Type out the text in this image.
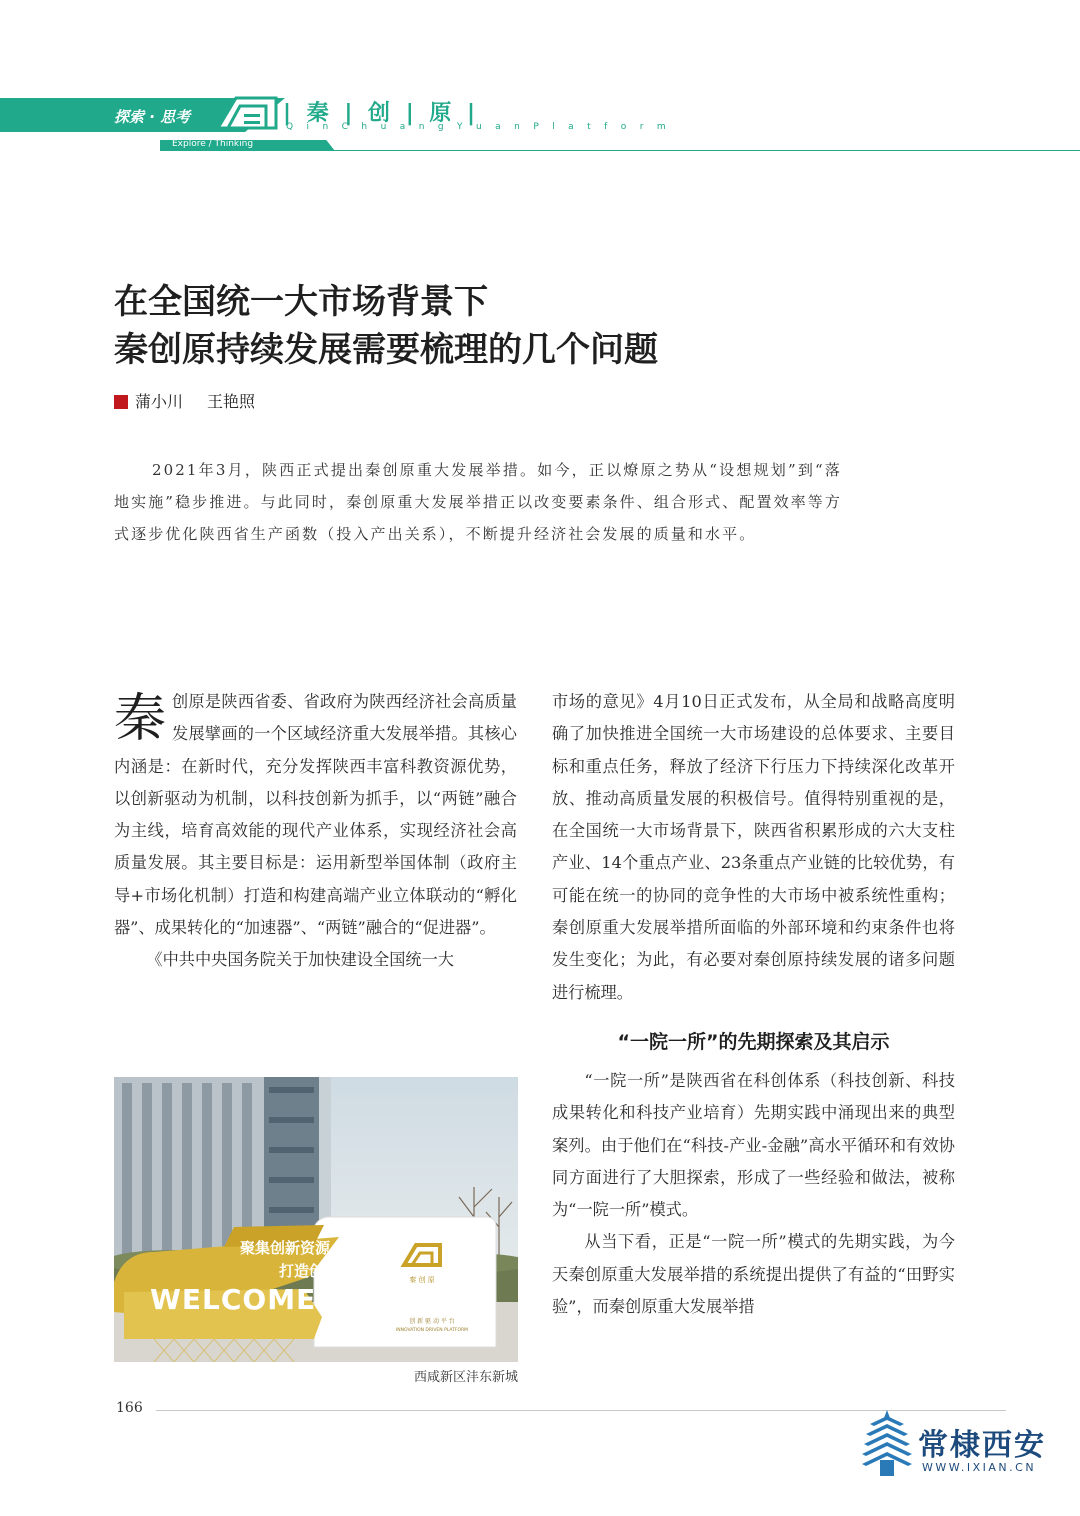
探索 · 思考	| 秦 | 创 | 原 |
Q i n C h u a n g Y u a n P l a t f o r m
Explore / Thinking
在全国统一大市场背景下
秦创原持续发展需要梳理的几个问题
蒲小川 王艳照

2021年3月，陕西正式提出秦创原重大发展举措。如今，正以燎原之势从“设想规划”到“落地实施”稳步推进。与此同时，秦创原重大发展举措正以改变要素条件、组合形式、配置效率等方式逐步优化陕西省生产函数（投入产出关系），不断提升经济社会发展的质量和水平。

秦创原是陕西省委、省政府为陕西经济社会高质量发展擘画的一个区域经济重大发展举措。其核心内涵是：在新时代，充分发挥陕西丰富科教资源优势，以创新驱动为机制，以科技创新为抓手，以“两链”融合为主线，培育高效能的现代产业体系，实现经济社会高质量发展。其主要目标是：运用新型举国体制（政府主导+市场化机制）打造和构建高端产业立体联动的“孵化器”、成果转化的“加速器”、“两链”融合的“促进器”。

《中共中央国务院关于加快建设全国统一大

秦 创 原
聚集创新资源
打造创新动能
WELCOME 构建创新生态
创 新 驱 动 平 台
INNOVATION DRIVEN PLATFORM
西咸新区沣东新城

市场的意见》4月10日正式发布，从全局和战略高度明确了加快推进全国统一大市场建设的总体要求、主要目标和重点任务，释放了经济下行压力下持续深化改革开放、推动高质量发展的积极信号。值得特别重视的是，在全国统一大市场背景下，陕西省积累形成的六大支柱产业、14个重点产业、23条重点产业链的比较优势，有可能在统一的协同的竞争性的大市场中被系统性重构；秦创原重大发展举措所面临的外部环境和约束条件也将发生变化；为此，有必要对秦创原持续发展的诸多问题进行梳理。

“一院一所”的先期探索及其启示

“一院一所”是陕西省在科创体系（科技创新、科技成果转化和科技产业培育）先期实践中涌现出来的典型案列。由于他们在“科技-产业-金融”高水平循环和有效协同方面进行了大胆探索，形成了一些经验和做法，被称为“一院一所”模式。

从当下看，正是“一院一所”模式的先期实践，为今天秦创原重大发展举措的系统提出提供了有益的“田野实验”，而秦创原重大发展举措

166
常棣西安
WWW.IXIAN.CN
